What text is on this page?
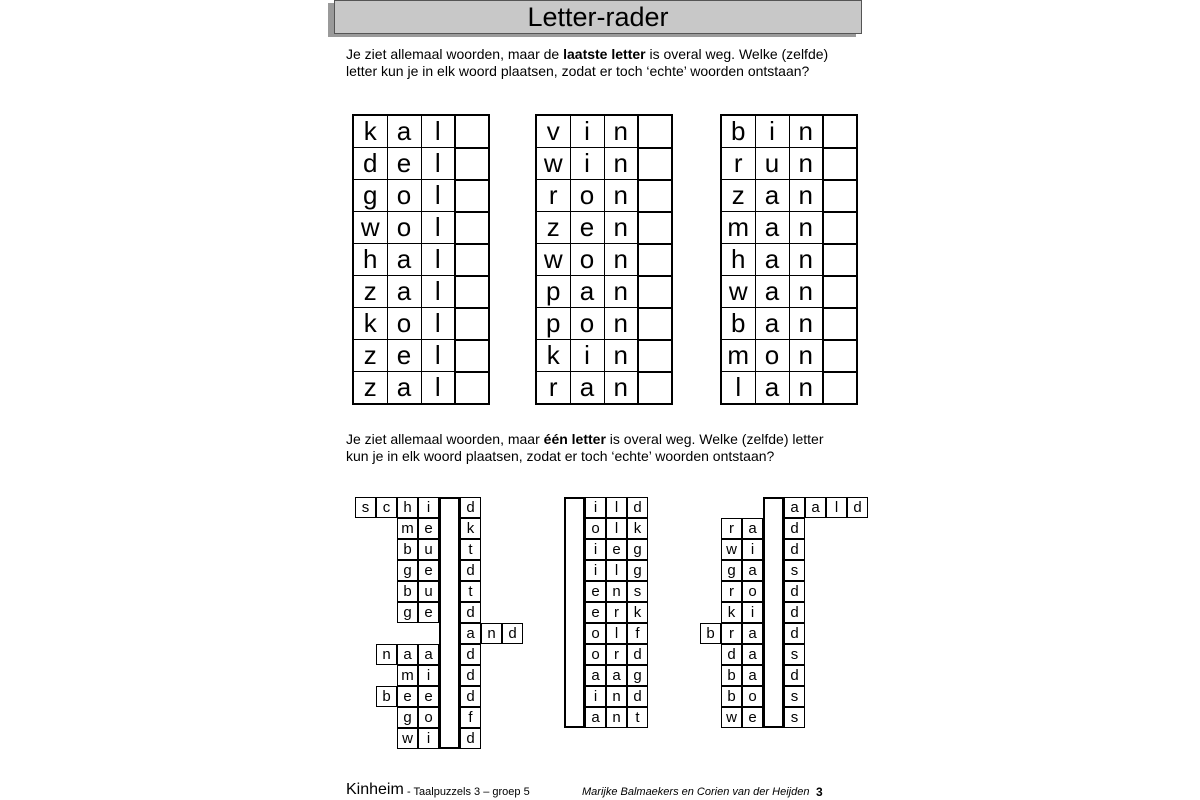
Letter-rader
Je ziet allemaal woorden, maar de laatste letter is overal weg. Welke (zelfde) letter kun je in elk woord plaatsen, zodat er toch ‘echte’ woorden ontstaan?
k	a	l	
d	e	l	
g	o	l	
w	o	l	
h	a	l	
z	a	l	
k	o	l	
z	e	l	
z	a	l	
v	i	n	
w	i	n	
r	o	n	
z	e	n	
w	o	n	
p	a	n	
p	o	n	
k	i	n	
r	a	n	
b	i	n	
r	u	n	
z	a	n	
m	a	n	
h	a	n	
w	a	n	
b	a	n	
m	o	n	
l	a	n	
Je ziet allemaal woorden, maar één letter is overal weg. Welke (zelfde) letter kun je in elk woord plaatsen, zodat er toch ‘echte’ woorden ontstaan?
s c h	i	d
m e	k
b u	t
g e	d
b u	t
g e	d
a n d
n a a	d
m i	d
b e e	d
g o	f
w i	d
i	l	d
o	l	k
i	e g
i	l	g
e n s
e r k
o	l	f
o r d
a a g
i	n d
a n t
a a	l	d
r a	d
w i	d
g a	s
r o	d
k	i	d
b r a	d
d a	s
b a	d
b o	s
w e	s
Kinheim - Taalpuzzels 3 – groep 5	Marijke Balmaekers en Corien van der Heijden 3
